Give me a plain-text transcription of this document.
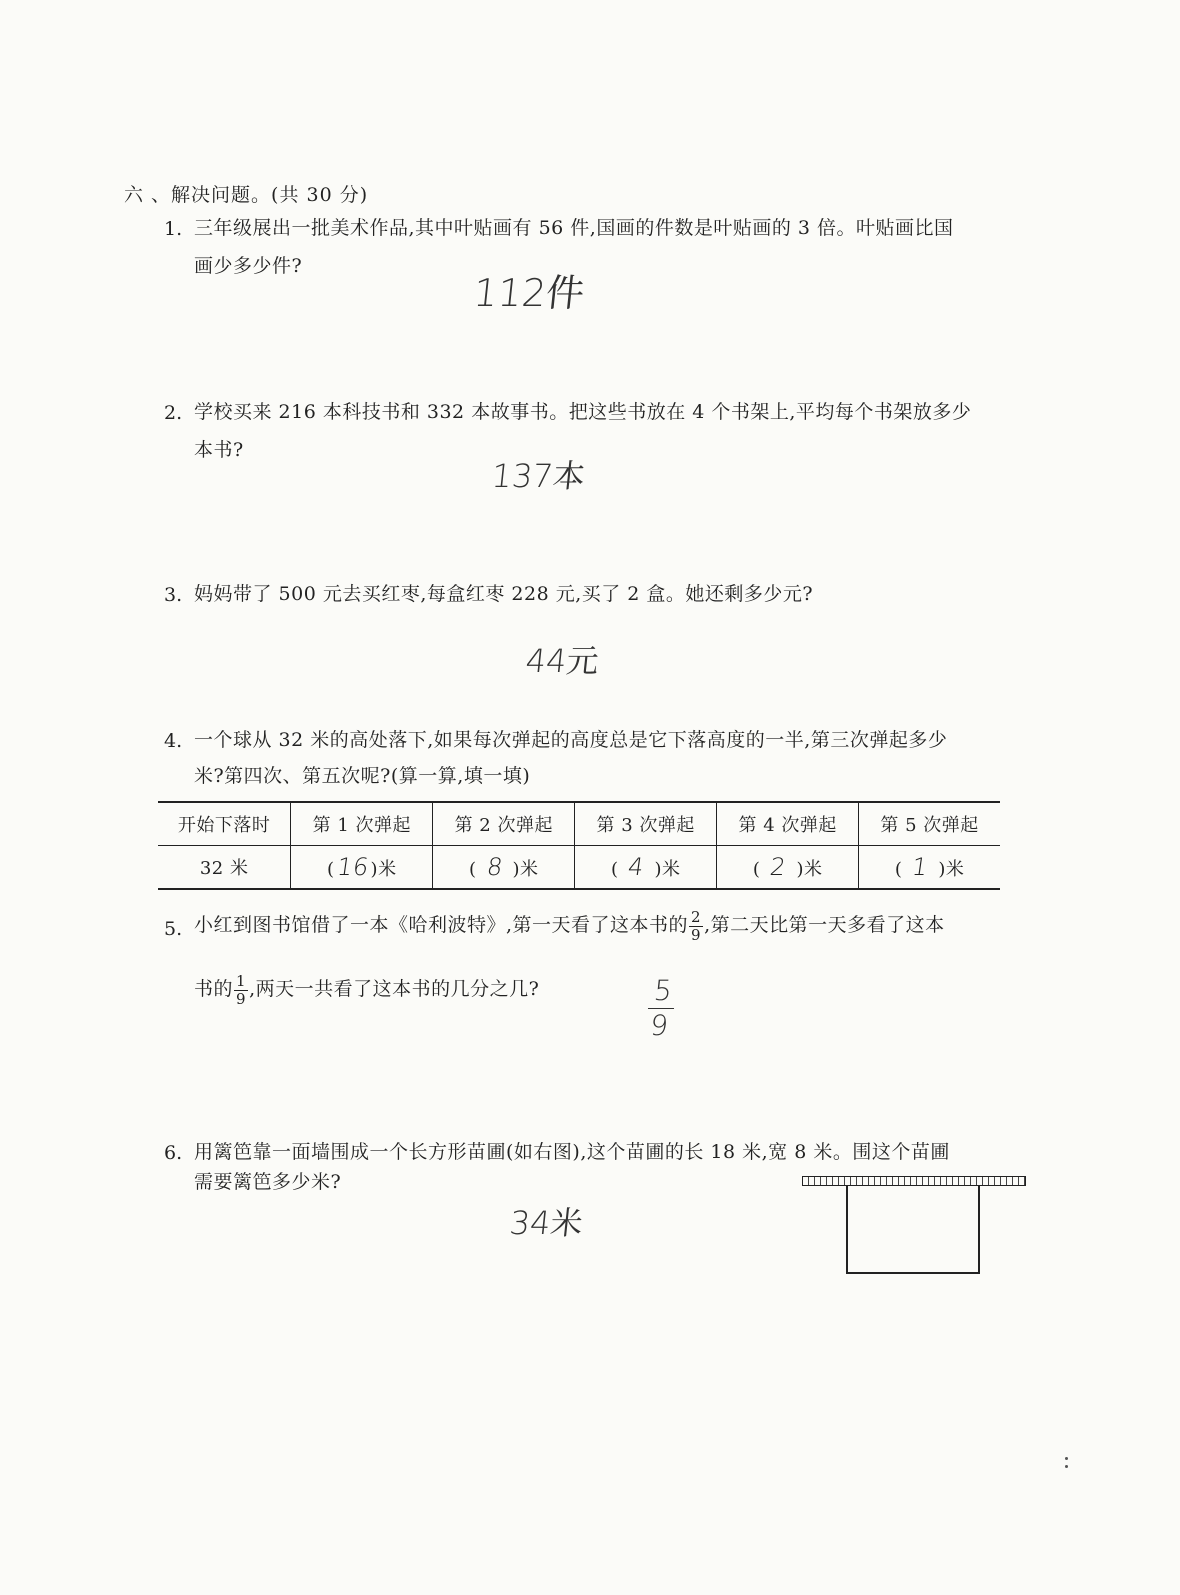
六 、解决问题。(共 30 分)
1. 三年级展出一批美术作品,其中叶贴画有 56 件,国画的件数是叶贴画的 3 倍。叶贴画比国
画少多少件?
112件
2. 学校买来 216 本科技书和 332 本故事书。把这些书放在 4 个书架上,平均每个书架放多少
本书?
137本
3. 妈妈带了 500 元去买红枣,每盒红枣 228 元,买了 2 盒。她还剩多少元?
44元
4. 一个球从 32 米的高处落下,如果每次弹起的高度总是它下落高度的一半,第三次弹起多少
米?第四次、第五次呢?(算一算,填一填)
开始下落时	第 1 次弹起	第 2 次弹起	第 3 次弹起	第 4 次弹起	第 5 次弹起
32 米	(16)米	( 8 )米	( 4 )米	( 2 )米	( 1 )米
5. 小红到图书馆借了一本《哈利波特》,第一天看了这本书的 $\frac{2}{9}$ ,第二天比第一天多看了这本
书的 $\frac{1}{9}$ ,两天一共看了这本书的几分之几?	5
9
6. 用篱笆靠一面墙围成一个长方形苗圃(如右图),这个苗圃的长 18 米,宽 8 米。围这个苗圃
需要篱笆多少米?
34米
